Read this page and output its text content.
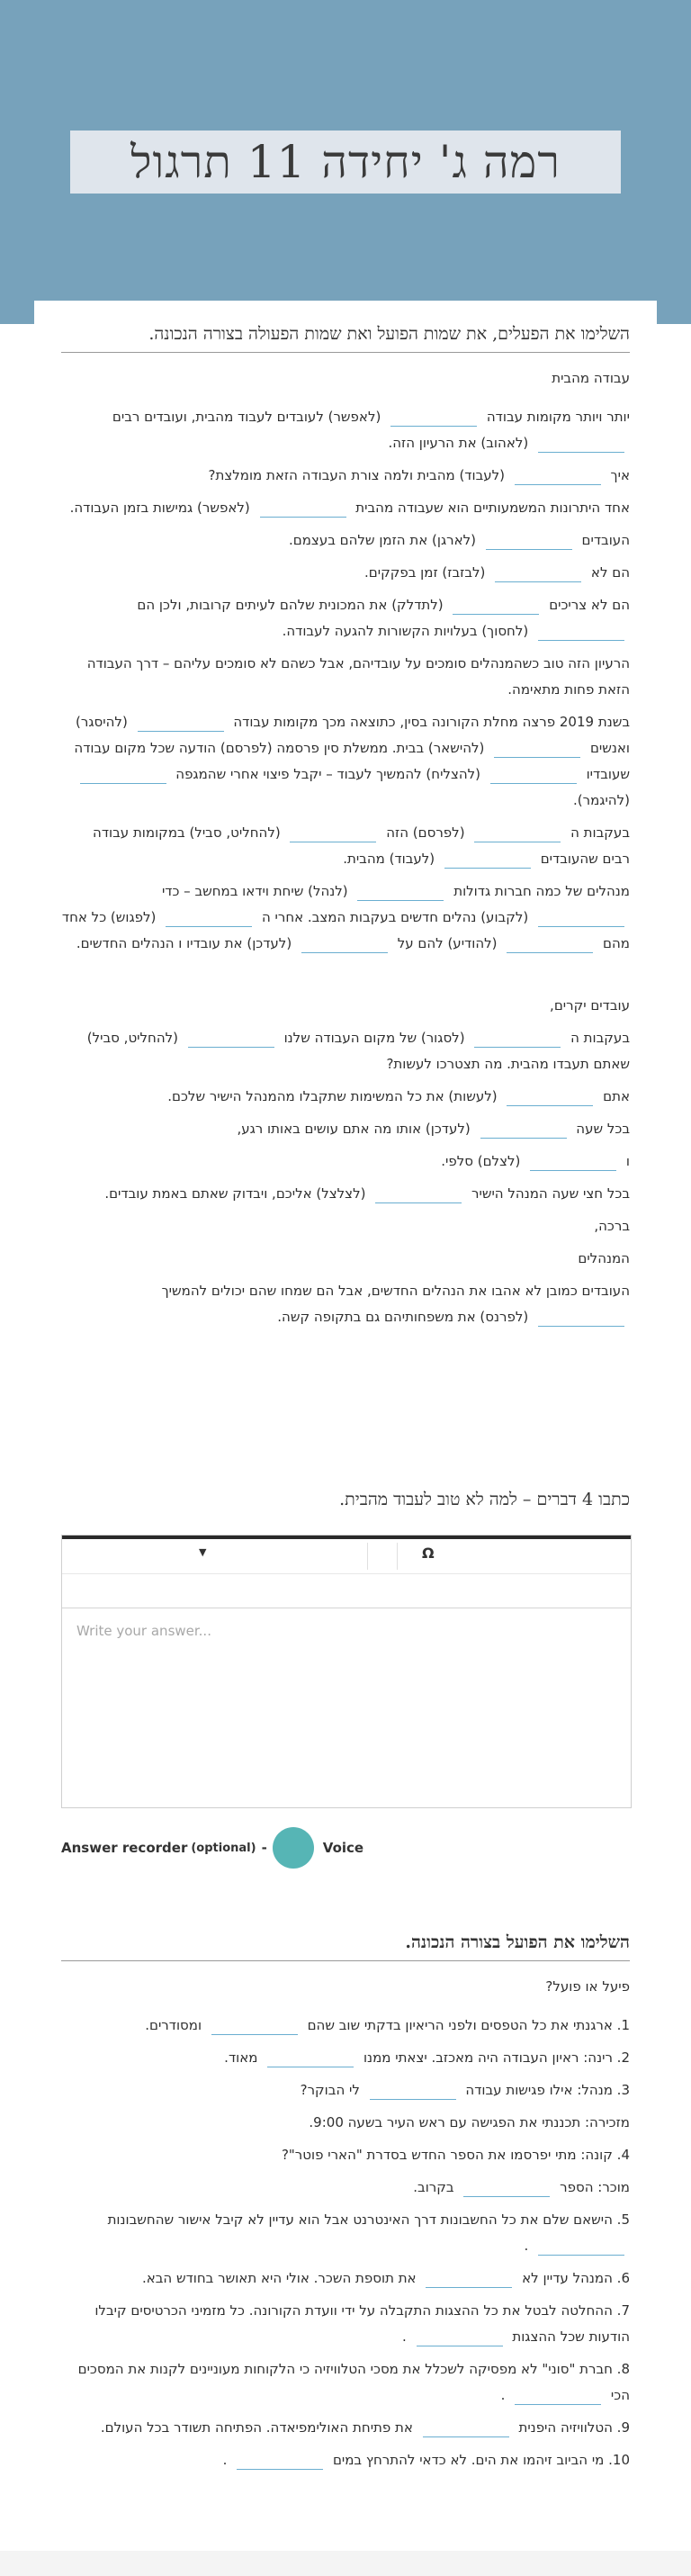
רמה ג' יחידה 11 תרגול
השלימו את הפעלים, את שמות הפועל ואת שמות הפעולה בצורה הנכונה.
עבודה מהבית
יותר ויותר מקומות עבודה  (לאפשר) לעובדים לעבוד מהבית, ועובדים רבים  (לאהוב) את הרעיון הזה.
איך  (לעבוד) מהבית ולמה צורת העבודה הזאת מומלצת?
אחד היתרונות המשמעותיים הוא שעבודה מהבית  (לאפשר) גמישות בזמן העבודה.
העובדים  (לארגן) את הזמן שלהם בעצמם.
הם לא  (לבזבז) זמן בפקקים.
הם לא צריכים  (לתדלק) את המכונית שלהם לעיתים קרובות, ולכן הם  (לחסוך) בעלויות הקשורות להגעה לעבודה.
הרעיון הזה טוב כשהמנהלים סומכים על עובדיהם, אבל כשהם לא סומכים עליהם – דרך העבודה הזאת פחות מתאימה.
בשנת 2019 פרצה מחלת הקורונה בסין, כתוצאה מכך מקומות עבודה  (להיסגר) ואנשים  (להישאר) בבית. ממשלת סין פרסמה (לפרסם) הודעה שכל מקום עבודה שעובדיו  (להצליח) להמשיך לעבוד – יקבל פיצוי אחרי שהמגפה  (להיגמר).
בעקבות ה  (לפרסם) הזה  (להחליט, סביל) במקומות עבודה רבים שהעובדים  (לעבוד) מהבית.
מנהלים של כמה חברות גדולות  (לנהל) שיחת וידאו במחשב – כדי  (לקבוע) נהלים חדשים בעקבות המצב. אחרי ה  (לפגוש) כל אחד מהם  (להודיע) להם על  (לעדכן) את עובדיו ו הנהלים החדשים.
עובדים יקרים,
בעקבות ה  (לסגור) של מקום העבודה שלנו  (להחליט, סביל) שאתם תעבדו מהבית. מה תצטרכו לעשות?
אתם  (לעשות) את כל המשימות שתקבלו מהמנהל הישיר שלכם.
בכל שעה  (לעדכן) אותו מה אתם עושים באותו רגע,
ו  (לצלם) סלפי.
בכל חצי שעה המנהל הישיר  (לצלצל) אליכם, ויבדוק שאתם באמת עובדים.
ברכה,
המנהלים
העובדים כמובן לא אהבו את הנהלים החדשים, אבל הם שמחו שהם יכולים להמשיך  (לפרנס) את משפחותיהם גם בתקופה קשה.
כתבו 4 דברים – למה לא טוב לעבוד מהבית.
▼	Ω
Write your answer...
Answer recorder (optional) -	Voice
השלימו את הפועל בצורה הנכונה.
פיעל או פועל?
1. ארגנתי את כל הטפסים ולפני הריאיון בדקתי שוב שהם  ומסודרים.
2. רינה: ראיון העבודה היה מאכזב. יצאתי ממנו  מאוד.
3. מנהל: אילו פגישות עבודה  לי הבוקר?
מזכירה: תכננתי את הפגישה עם ראש העיר בשעה 9:00.
4. קונה: מתי יפרסמו את הספר החדש בסדרת "הארי פוטר"?
מוכר: הספר  בקרוב.
5. הישאם שלם את כל החשבונות דרך האינטרנט אבל הוא עדיין לא קיבל אישור שהחשבונות  .
6. המנהל עדיין לא  את תוספת השכר. אולי היא תאושר בחודש הבא.
7. ההחלטה לבטל את כל ההצגות התקבלה על ידי וועדת הקורונה. כל מזמיני הכרטיסים קיבלו הודעות שכל ההצגות  .
8. חברת "סוני" לא מפסיקה לשכלל את מסכי הטלוויזיה כי הלקוחות מעוניינים לקנות את המסכים הכי  .
9. הטלוויזיה היפנית  את פתיחת האולימפיאדה. הפתיחה תשודר בכל העולם.
10. מי הביוב זיהמו את הים. לא כדאי להתרחץ במים  .
